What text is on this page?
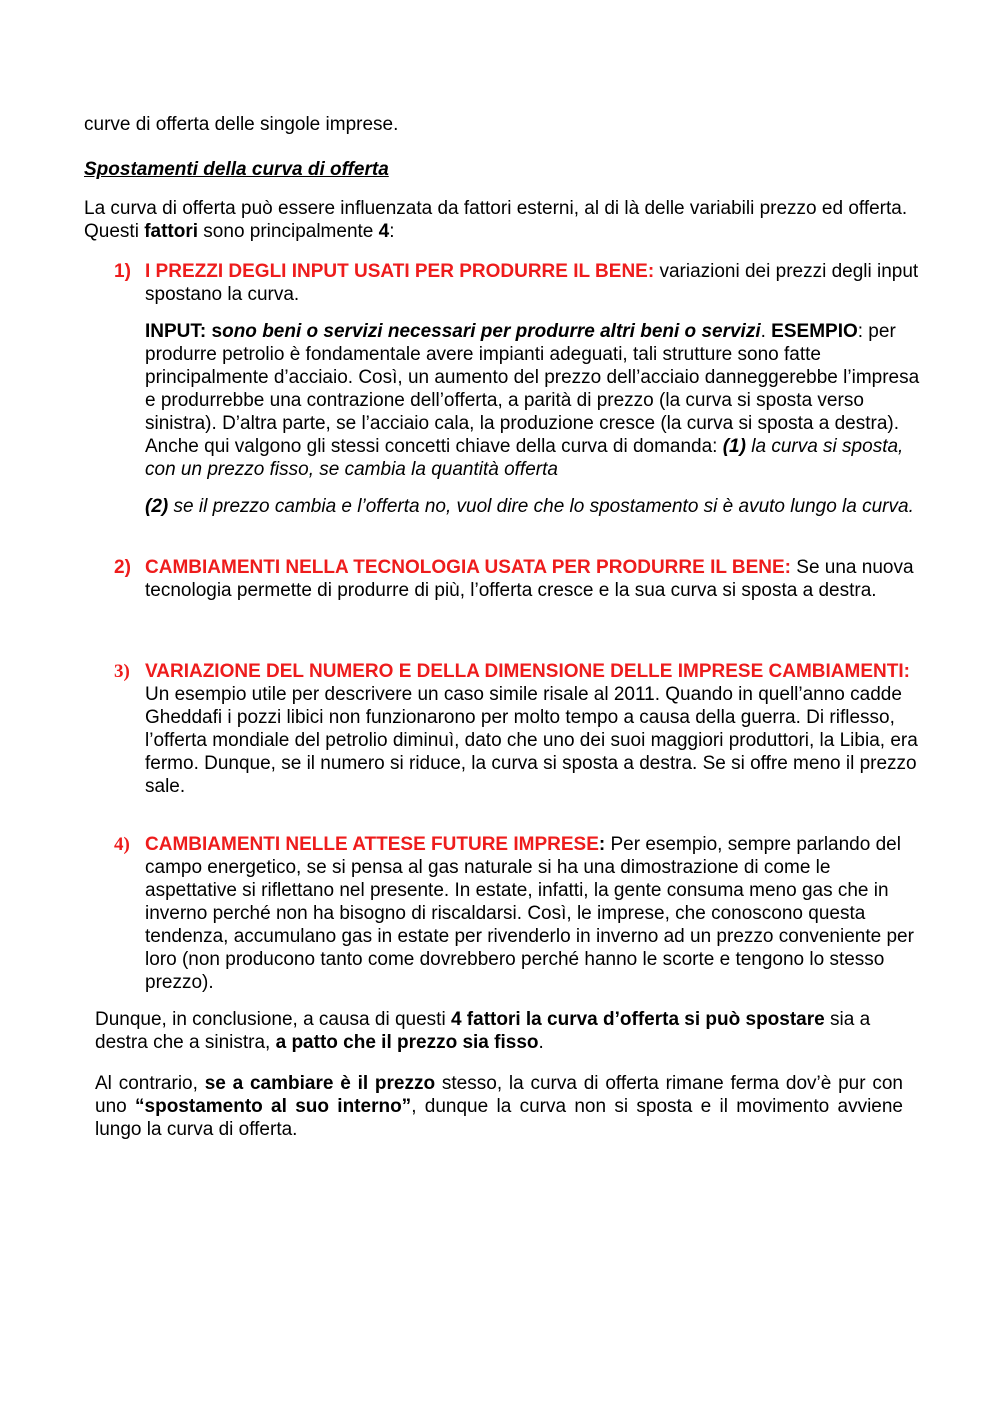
curve di offerta delle singole imprese.

Spostamenti della curva di offerta

La curva di offerta può essere influenzata da fattori esterni, al di là delle variabili prezzo ed offerta. Questi fattori sono principalmente 4:

1) I PREZZI DEGLI INPUT USATI PER PRODURRE IL BENE: variazioni dei prezzi degli input spostano la curva.

INPUT: sono beni o servizi necessari per produrre altri beni o servizi. ESEMPIO: per produrre petrolio è fondamentale avere impianti adeguati, tali strutture sono fatte principalmente d’acciaio. Così, un aumento del prezzo dell’acciaio danneggerebbe l’impresa e produrrebbe una contrazione dell’offerta, a parità di prezzo (la curva si sposta verso sinistra). D’altra parte, se l’acciaio cala, la produzione cresce (la curva si sposta a destra). Anche qui valgono gli stessi concetti chiave della curva di domanda: (1) la curva si sposta, con un prezzo fisso, se cambia la quantità offerta

(2) se il prezzo cambia e l’offerta no, vuol dire che lo spostamento si è avuto lungo la curva.

2) CAMBIAMENTI NELLA TECNOLOGIA USATA PER PRODURRE IL BENE: Se una nuova tecnologia permette di produrre di più, l’offerta cresce e la sua curva si sposta a destra.

3) VARIAZIONE DEL NUMERO E DELLA DIMENSIONE DELLE IMPRESE CAMBIAMENTI: Un esempio utile per descrivere un caso simile risale al 2011. Quando in quell’anno cadde Gheddafi i pozzi libici non funzionarono per molto tempo a causa della guerra. Di riflesso, l’offerta mondiale del petrolio diminuì, dato che uno dei suoi maggiori produttori, la Libia, era fermo. Dunque, se il numero si riduce, la curva si sposta a destra. Se si offre meno il prezzo sale.

4) CAMBIAMENTI NELLE ATTESE FUTURE IMPRESE: Per esempio, sempre parlando del campo energetico, se si pensa al gas naturale si ha una dimostrazione di come le aspettative si riflettano nel presente. In estate, infatti, la gente consuma meno gas che in inverno perché non ha bisogno di riscaldarsi. Così, le imprese, che conoscono questa tendenza, accumulano gas in estate per rivenderlo in inverno ad un prezzo conveniente per loro (non producono tanto come dovrebbero perché hanno le scorte e tengono lo stesso prezzo).

Dunque, in conclusione, a causa di questi 4 fattori la curva d’offerta si può spostare sia a destra che a sinistra, a patto che il prezzo sia fisso.

Al contrario, se a cambiare è il prezzo stesso, la curva di offerta rimane ferma dov’è pur con uno “spostamento al suo interno”, dunque la curva non si sposta e il movimento avviene lungo la curva di offerta.
